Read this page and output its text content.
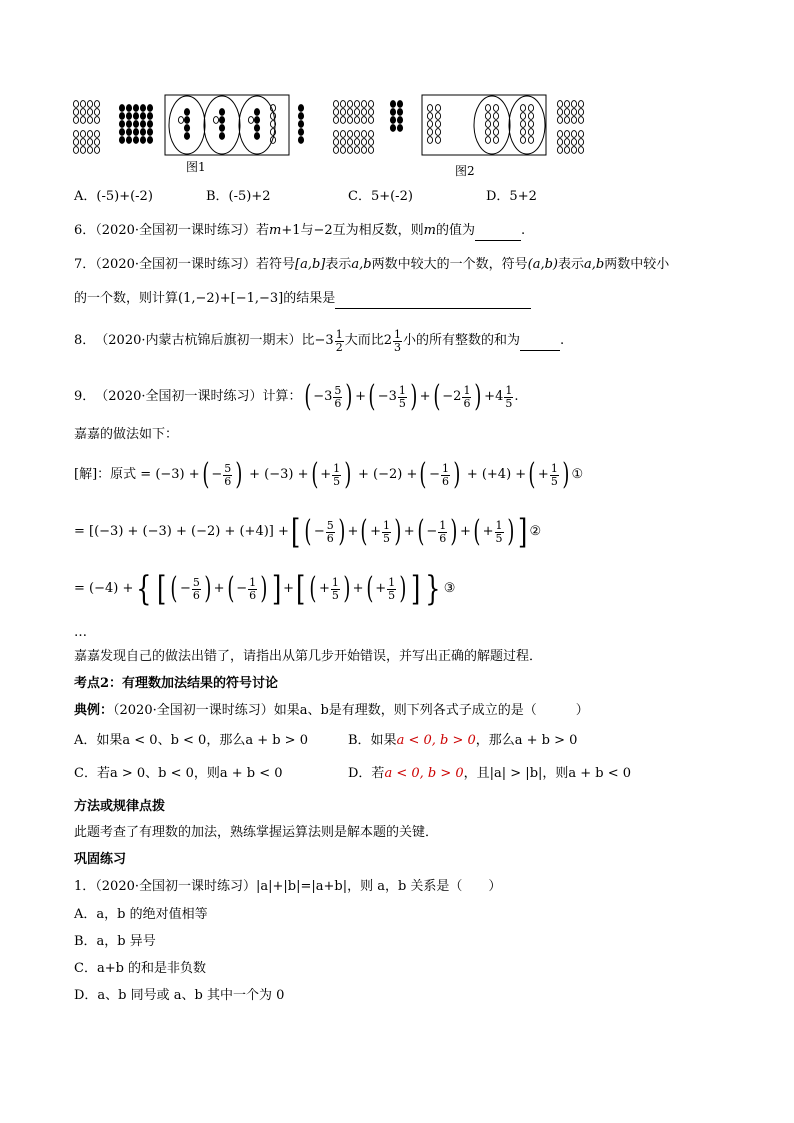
图1	图2
A．(-5)+(-2)	B．(-5)+2	C．5+(-2)	D．5+2
6．（2020·全国初一课时练习）若m+1与−2互为相反数，则m的值为	.
7．（2020·全国初一课时练习）若符号[a,b]表示a,b两数中较大的一个数，符号(a,b)表示a,b两数中较小
的一个数，则计算(1,−2)+[−1,−3]的结果是
8． （2020·内蒙古杭锦后旗初一期末） 比 $-3 \frac{1}{2}$ 大而比 $2 \frac{1}{3}$ 小的所有整数的和为
	.
9． （2020·全国初一课时练习） 计算： ( $-3 \frac{5}{6}$ ) + ( $-3 \frac{1}{5}$ ) + ( $-2 \frac{1}{6}$ ) + $4 \frac{1}{5}$ .
嘉嘉的做法如下：
[解]：原式 = (−3) + ( − $\frac{5}{6}$ ) + (−3) + ( + $\frac{1}{5}$ ) + (−2) + ( − $\frac{1}{6}$ ) + (+4) + ( + $\frac{1}{5}$ ) ①
= [(−3) + (−3) + (−2) + (+4)] + [ ( − $\frac{5}{6}$ ) + ( + $\frac{1}{5}$ ) + ( − $\frac{1}{6}$ ) + ( + $\frac{1}{5}$ ) ] ②
= (−4) + { [ ( − $\frac{5}{6}$ ) + ( − $\frac{1}{6}$ ) ] + [ ( + $\frac{1}{5}$ ) + ( + $\frac{1}{5}$ ) ] } ③
…
嘉嘉发现自己的做法出错了，请指出从第几步开始错误，并写出正确的解题过程．
考点2：有理数加法结果的符号讨论
典例：（2020·全国初一课时练习）如果a、b是有理数，则下列各式子成立的是（　　　）
A．如果a < 0、b < 0，那么a + b > 0	B．如果a < 0, b > 0，那么a + b > 0
C．若a > 0、b < 0，则a + b < 0	D．若a < 0, b > 0，且|a| > |b|，则a + b < 0
方法或规律点拨
此题考查了有理数的加法，熟练掌握运算法则是解本题的关键．
巩固练习
1．（2020·全国初一课时练习）|a|+|b|=|a+b|，则 a，b 关系是（　　）
A．a，b 的绝对值相等
B．a，b 异号
C．a+b 的和是非负数
D．a、b 同号或 a、b 其中一个为 0
